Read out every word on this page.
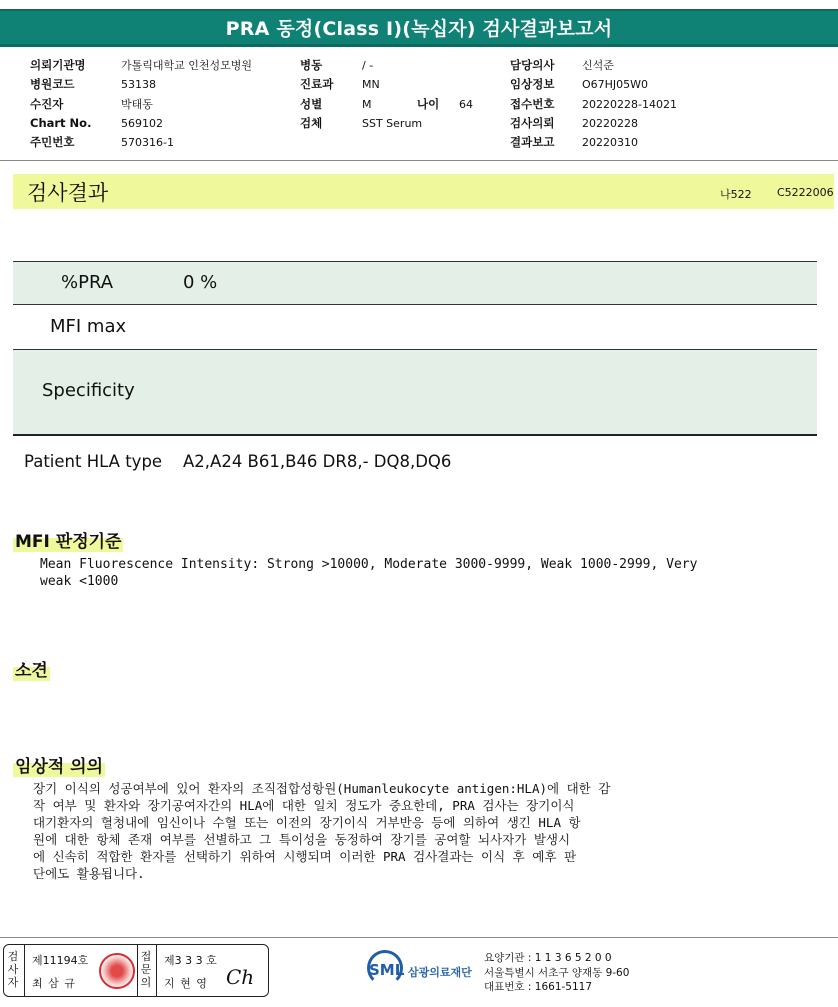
PRA 동정(Class I)(녹십자) 검사결과보고서
의뢰기관명	가톨릭대학교 인천성모병원
병원코드	53138
수진자	박태동
Chart No.	569102
주민번호	570316-1
병동	/ -
진료과	MN
성별	M	나이	64
검체	SST Serum
담당의사	신석준
임상정보	O67HJ05W0
접수번호	20220228-14021
검사의뢰	20220228
결과보고	20220310
검사결과	나522 C5222006
%PRA	0 %
MFI max
Specificity
Patient HLA type A2,A24 B61,B46 DR8,- DQ8,DQ6
MFI 판정기준
Mean Fluorescence Intensity: Strong >10000, Moderate 3000-9999, Weak 1000-2999, Very
weak <1000
소견
임상적 의의
장기 이식의 성공여부에 있어 환자의 조직접합성항원(Humanleukocyte antigen:HLA)에 대한 감
작 여부 및 환자와 장기공여자간의 HLA에 대한 일치 정도가 중요한데, PRA 검사는 장기이식
대기환자의 혈청내에 임신이나 수혈 또는 이전의 장기이식 거부반응 등에 의하여 생긴 HLA 항
원에 대한 항체 존재 여부를 선별하고 그 특이성을 동정하여 장기를 공여할 뇌사자가 발생시
에 신속히 적합한 환자를 선택하기 위하여 시행되며 이러한 PRA 검사결과는 이식 후 예후 판
단에도 활용됩니다.
검
사
자
제11194호
최 삼 규
접
문
의
제3 3 3 호
지 현 영 Ch	SML 삼광의료재단
요양기관 : 1 1 3 6 5 2 0 0
서울특별시 서초구 양재동 9-60
대표번호 : 1661-5117
